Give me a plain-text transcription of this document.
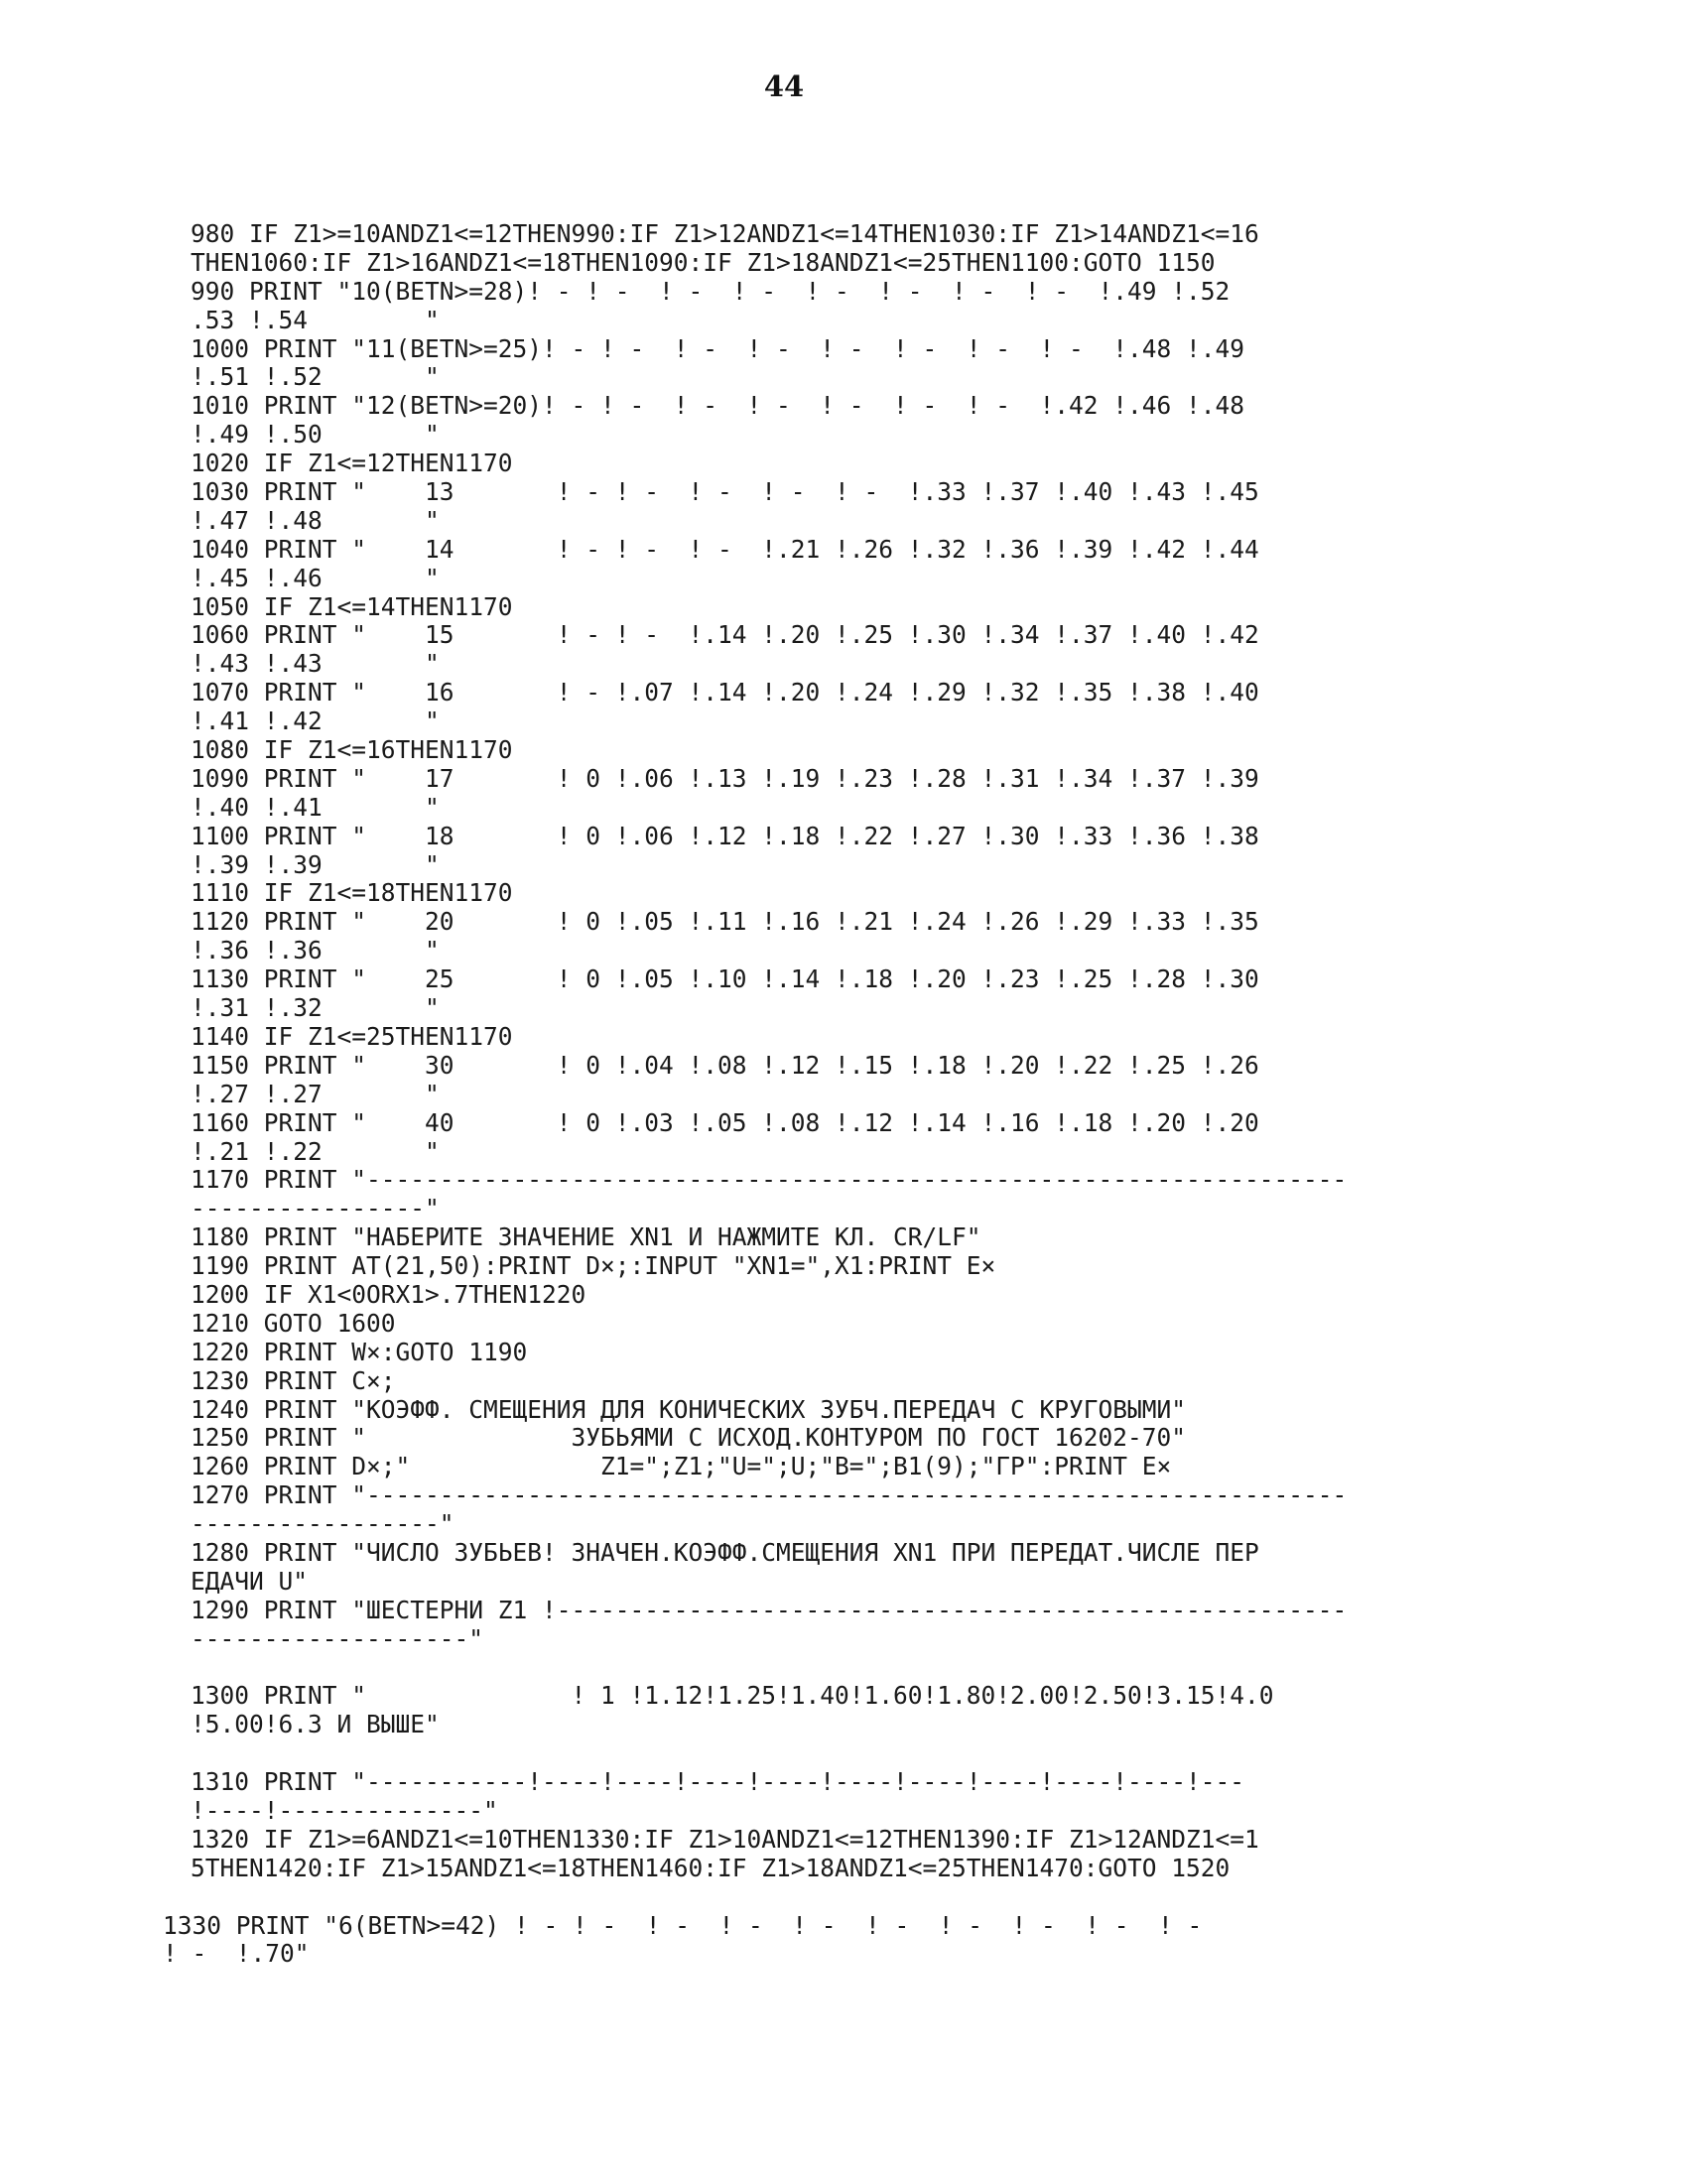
44
980 IF Z1>=10ANDZ1<=12THEN990:IF Z1>12ANDZ1<=14THEN1030:IF Z1>14ANDZ1<=16
THEN1060:IF Z1>16ANDZ1<=18THEN1090:IF Z1>18ANDZ1<=25THEN1100:GOTO 1150
990 PRINT "10(BETN>=28)! - ! -  ! -  ! -  ! -  ! -  ! -  ! -  !.49 !.52
.53 !.54        "
1000 PRINT "11(BETN>=25)! - ! -  ! -  ! -  ! -  ! -  ! -  ! -  !.48 !.49
!.51 !.52       "
1010 PRINT "12(BETN>=20)! - ! -  ! -  ! -  ! -  ! -  ! -  !.42 !.46 !.48
!.49 !.50       "
1020 IF Z1<=12THEN1170
1030 PRINT "    13       ! - ! -  ! -  ! -  ! -  !.33 !.37 !.40 !.43 !.45
!.47 !.48       "
1040 PRINT "    14       ! - ! -  ! -  !.21 !.26 !.32 !.36 !.39 !.42 !.44
!.45 !.46       "
1050 IF Z1<=14THEN1170
1060 PRINT "    15       ! - ! -  !.14 !.20 !.25 !.30 !.34 !.37 !.40 !.42
!.43 !.43       "
1070 PRINT "    16       ! - !.07 !.14 !.20 !.24 !.29 !.32 !.35 !.38 !.40
!.41 !.42       "
1080 IF Z1<=16THEN1170
1090 PRINT "    17       ! 0 !.06 !.13 !.19 !.23 !.28 !.31 !.34 !.37 !.39
!.40 !.41       "
1100 PRINT "    18       ! 0 !.06 !.12 !.18 !.22 !.27 !.30 !.33 !.36 !.38
!.39 !.39       "
1110 IF Z1<=18THEN1170
1120 PRINT "    20       ! 0 !.05 !.11 !.16 !.21 !.24 !.26 !.29 !.33 !.35
!.36 !.36       "
1130 PRINT "    25       ! 0 !.05 !.10 !.14 !.18 !.20 !.23 !.25 !.28 !.30
!.31 !.32       "
1140 IF Z1<=25THEN1170
1150 PRINT "    30       ! 0 !.04 !.08 !.12 !.15 !.18 !.20 !.22 !.25 !.26
!.27 !.27       "
1160 PRINT "    40       ! 0 !.03 !.05 !.08 !.12 !.14 !.16 !.18 !.20 !.20
!.21 !.22       "
1170 PRINT "-------------------------------------------------------------------
----------------"
1180 PRINT "НАБЕРИТЕ ЗНАЧЕНИЕ XN1 И НАЖМИТЕ КЛ. CR/LF"
1190 PRINT AT(21,50):PRINT D×;:INPUT "XN1=",X1:PRINT E×
1200 IF X1<0ORX1>.7THEN1220
1210 GOTO 1600
1220 PRINT W×:GOTO 1190
1230 PRINT C×;
1240 PRINT "КОЭФФ. СМЕЩЕНИЯ ДЛЯ КОНИЧЕСКИХ ЗУБЧ.ПЕРЕДАЧ С КРУГОВЫМИ"
1250 PRINT "              ЗУБЬЯМИ С ИСХОД.КОНТУРОМ ПО ГОСТ 16202-70"
1260 PRINT D×;"             Z1=";Z1;"U=";U;"B=";B1(9);"ГР":PRINT E×
1270 PRINT "-------------------------------------------------------------------
-----------------"
1280 PRINT "ЧИСЛО ЗУБЬЕВ! ЗНАЧЕН.КОЭФФ.СМЕЩЕНИЯ XN1 ПРИ ПЕРЕДАТ.ЧИСЛЕ ПЕР
ЕДАЧИ U"
1290 PRINT "ШЕСТЕРНИ Z1 !------------------------------------------------------
-------------------"
1300 PRINT "              ! 1 !1.12!1.25!1.40!1.60!1.80!2.00!2.50!3.15!4.0
!5.00!6.3 И ВЫШЕ"
1310 PRINT "-----------!----!----!----!----!----!----!----!----!----!---
!----!--------------"
1320 IF Z1>=6ANDZ1<=10THEN1330:IF Z1>10ANDZ1<=12THEN1390:IF Z1>12ANDZ1<=1
5THEN1420:IF Z1>15ANDZ1<=18THEN1460:IF Z1>18ANDZ1<=25THEN1470:GOTO 1520
1330 PRINT "6(BETN>=42) ! - ! -  ! -  ! -  ! -  ! -  ! -  ! -  ! -  ! -
! -  !.70"
